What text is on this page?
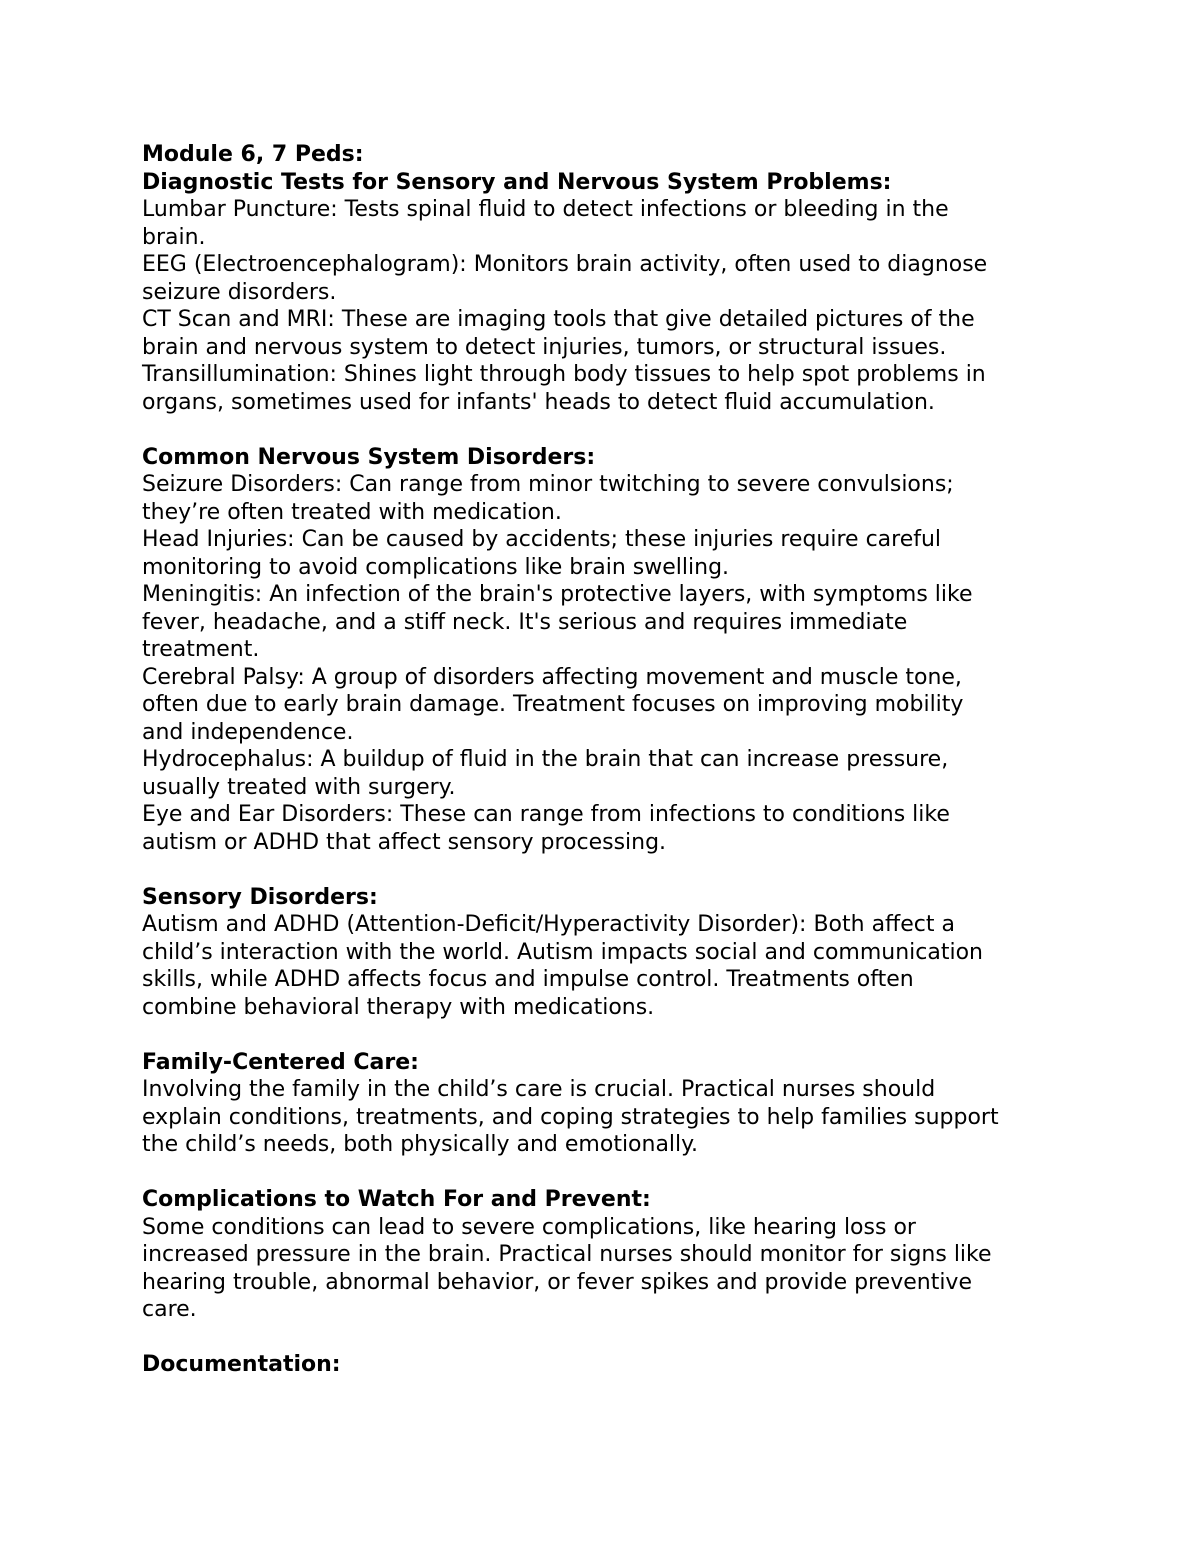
Module 6, 7 Peds:
Diagnostic Tests for Sensory and Nervous System Problems:
Lumbar Puncture: Tests spinal fluid to detect infections or bleeding in the
brain.
EEG (Electroencephalogram): Monitors brain activity, often used to diagnose
seizure disorders.
CT Scan and MRI: These are imaging tools that give detailed pictures of the
brain and nervous system to detect injuries, tumors, or structural issues.
Transillumination: Shines light through body tissues to help spot problems in
organs, sometimes used for infants' heads to detect fluid accumulation.
Common Nervous System Disorders:
Seizure Disorders: Can range from minor twitching to severe convulsions;
they’re often treated with medication.
Head Injuries: Can be caused by accidents; these injuries require careful
monitoring to avoid complications like brain swelling.
Meningitis: An infection of the brain's protective layers, with symptoms like
fever, headache, and a stiff neck. It's serious and requires immediate
treatment.
Cerebral Palsy: A group of disorders affecting movement and muscle tone,
often due to early brain damage. Treatment focuses on improving mobility
and independence.
Hydrocephalus: A buildup of fluid in the brain that can increase pressure,
usually treated with surgery.
Eye and Ear Disorders: These can range from infections to conditions like
autism or ADHD that affect sensory processing.
Sensory Disorders:
Autism and ADHD (Attention-Deficit/Hyperactivity Disorder): Both affect a
child’s interaction with the world. Autism impacts social and communication
skills, while ADHD affects focus and impulse control. Treatments often
combine behavioral therapy with medications.
Family-Centered Care:
Involving the family in the child’s care is crucial. Practical nurses should
explain conditions, treatments, and coping strategies to help families support
the child’s needs, both physically and emotionally.
Complications to Watch For and Prevent:
Some conditions can lead to severe complications, like hearing loss or
increased pressure in the brain. Practical nurses should monitor for signs like
hearing trouble, abnormal behavior, or fever spikes and provide preventive
care.
Documentation:
